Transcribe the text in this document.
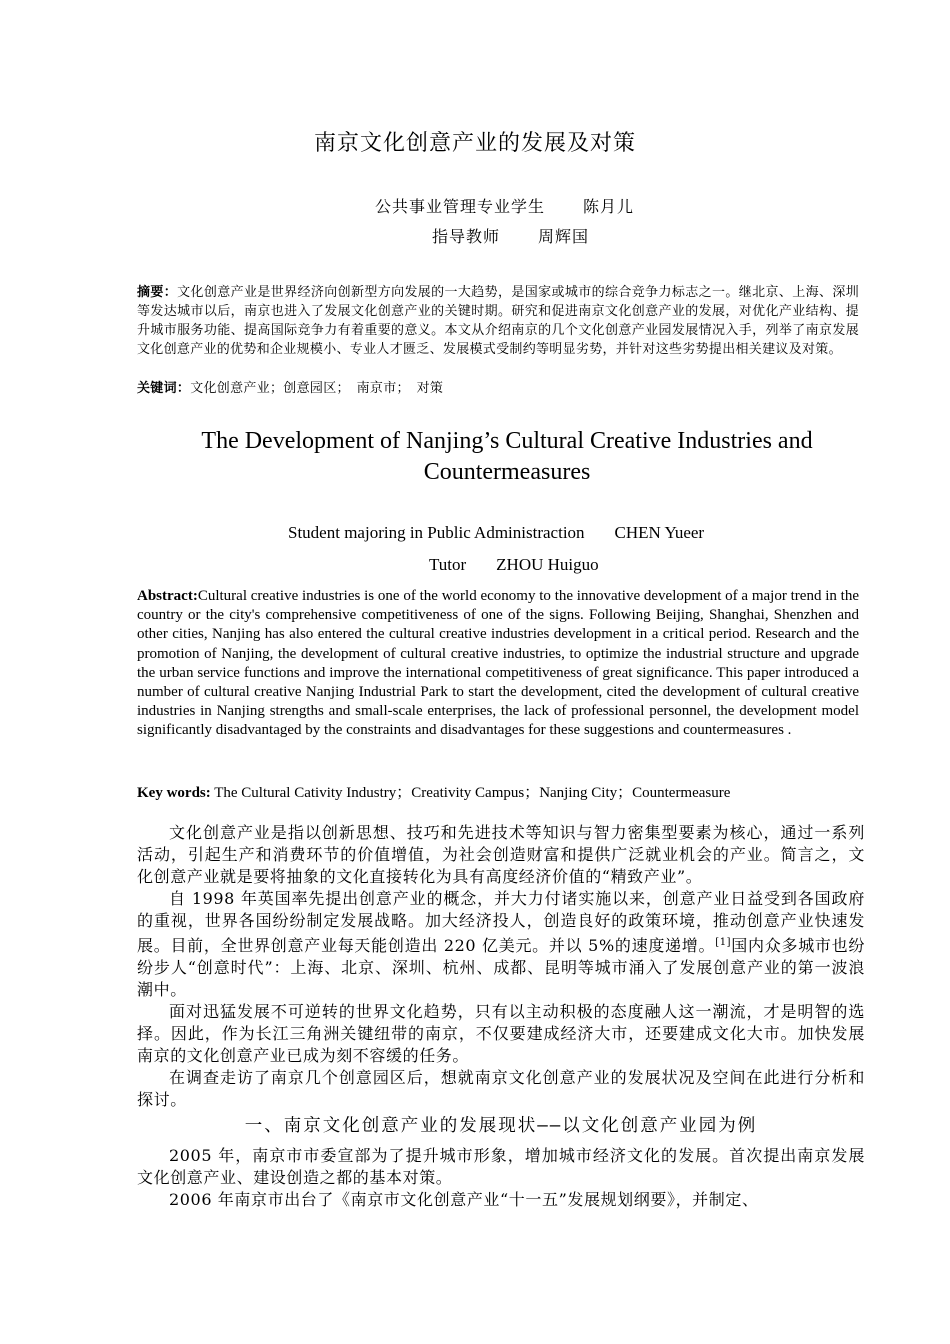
南京文化创意产业的发展及对策
公共事业管理专业学生 陈月儿
指导教师 周辉国
摘要：文化创意产业是世界经济向创新型方向发展的一大趋势，是国家或城市的综合竞争力标志之一。继北京、上海、深圳等发达城市以后，南京也进入了发展文化创意产业的关键时期。研究和促进南京文化创意产业的发展，对优化产业结构、提升城市服务功能、提高国际竞争力有着重要的意义。本文从介绍南京的几个文化创意产业园发展情况入手，列举了南京发展文化创意产业的优势和企业规模小、专业人才匮乏、发展模式受制约等明显劣势，并针对这些劣势提出相关建议及对策。
关键词：文化创意产业；创意园区；　南京市；　对策
The Development of Nanjing’s Cultural Creative Industries and Countermeasures
Student majoring in Public Administraction CHEN Yueer
Tutor ZHOU Huiguo
Abstract:Cultural creative industries is one of the world economy to the innovative development of a major trend in the country or the city's comprehensive competitiveness of one of the signs. Following Beijing, Shanghai, Shenzhen and other cities, Nanjing has also entered the cultural creative industries development in a critical period. Research and the promotion of Nanjing, the development of cultural creative industries, to optimize the industrial structure and upgrade the urban service functions and improve the international competitiveness of great significance. This paper introduced a number of cultural creative Nanjing Industrial Park to start the development, cited the development of cultural creative industries in Nanjing strengths and small-scale enterprises, the lack of professional personnel, the development model significantly disadvantaged by the constraints and disadvantages for these suggestions and countermeasures .
Key words: The Cultural Cativity Industry；Creativity Campus；Nanjing City；Countermeasure

文化创意产业是指以创新思想、技巧和先进技术等知识与智力密集型要素为核心，通过一系列活动，引起生产和消费环节的价值增值，为社会创造财富和提供广泛就业机会的产业。简言之，文化创意产业就是要将抽象的文化直接转化为具有高度经济价值的“精致产业”。

自 1998 年英国率先提出创意产业的概念，并大力付诸实施以来，创意产业日益受到各国政府的重视，世界各国纷纷制定发展战略。加大经济投人，创造良好的政策环境，推动创意产业快速发展。目前，全世界创意产业每天能创造出 220 亿美元。并以 5%的速度递增。[1]国内众多城市也纷纷步人“创意时代”：上海、北京、深圳、杭州、成都、昆明等城市涌入了发展创意产业的第一波浪潮中。

面对迅猛发展不可逆转的世界文化趋势，只有以主动积极的态度融人这一潮流，才是明智的选择。因此，作为长江三角洲关键纽带的南京，不仅要建成经济大市，还要建成文化大市。加快发展南京的文化创意产业已成为刻不容缓的任务。

在调查走访了南京几个创意园区后，想就南京文化创意产业的发展状况及空间在此进行分析和探讨。

一、南京文化创意产业的发展现状——以文化创意产业园为例

2005 年，南京市市委宣部为了提升城市形象，增加城市经济文化的发展。首次提出南京发展文化创意产业、建设创造之都的基本对策。

2006 年南京市出台了《南京市文化创意产业“十一五”发展规划纲要》，并制定、
